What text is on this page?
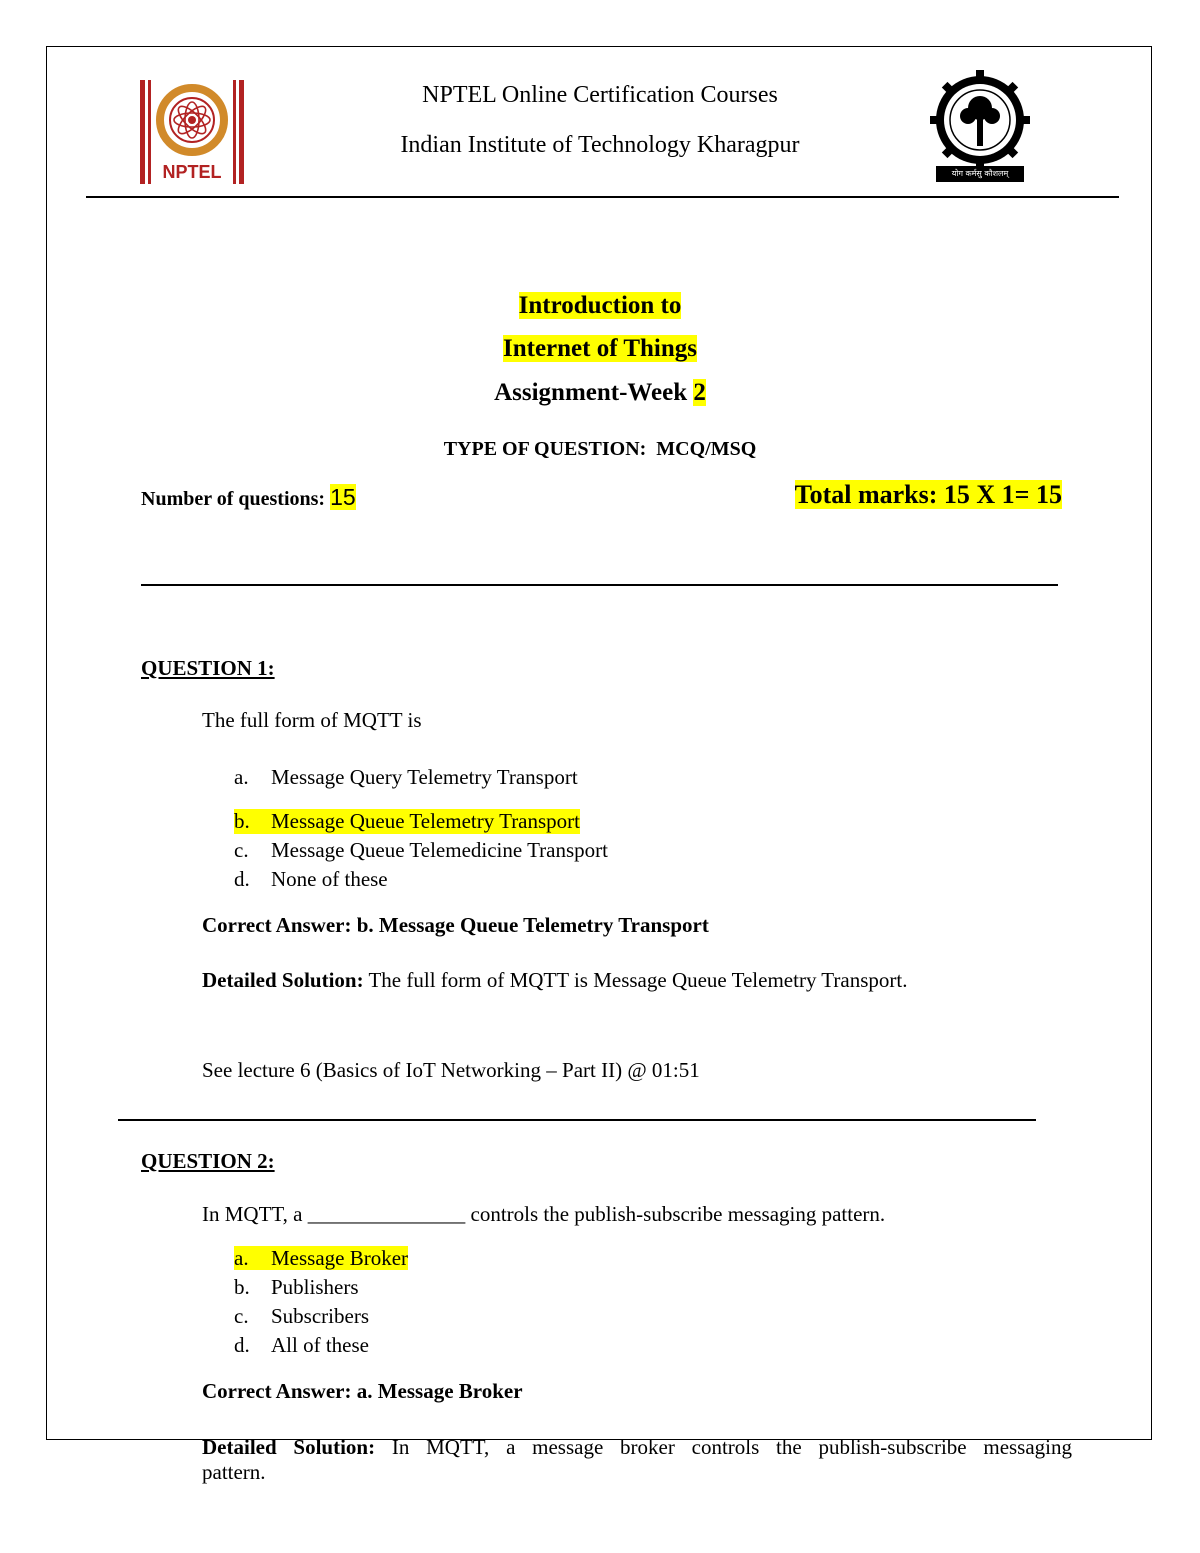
NPTEL
NPTEL Online Certification Courses
Indian Institute of Technology Kharagpur
योग कर्मसु कौशलम्
Introduction to
Internet of Things
Assignment-Week 2
TYPE OF QUESTION:  MCQ/MSQ
Number of questions: 15	Total marks: 15 X 1= 15
QUESTION 1:
The full form of MQTT is
a. Message Query Telemetry Transport
b. Message Queue Telemetry Transport
c. Message Queue Telemedicine Transport
d. None of these
Correct Answer: b. Message Queue Telemetry Transport
Detailed Solution: The full form of MQTT is Message Queue Telemetry Transport.
See lecture 6 (Basics of IoT Networking – Part II) @ 01:51
QUESTION 2:
In MQTT, a _______________ controls the publish-subscribe messaging pattern.
a. Message Broker
b. Publishers
c. Subscribers
d. All of these
Correct Answer: a. Message Broker
Detailed Solution: In MQTT, a message broker controls the publish-subscribe messaging
pattern.
